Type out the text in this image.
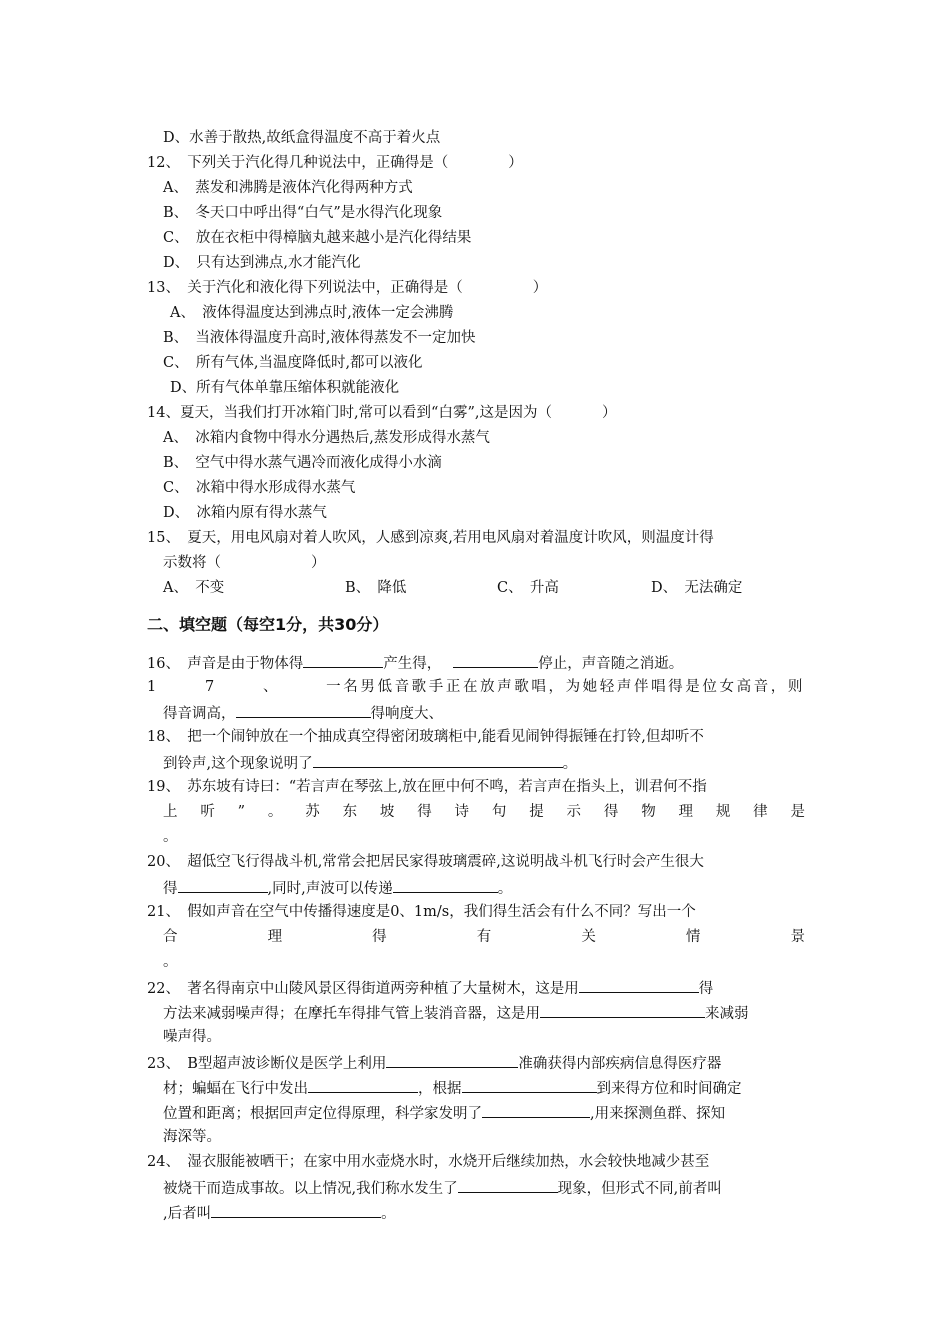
D、水善于散热,故纸盒得温度不高于着火点
12、　下列关于汽化得几种说法中，正确得是（	）
A、　蒸发和沸腾是液体汽化得两种方式
B、　冬天口中呼出得“白气”是水得汽化现象
C、　放在衣柜中得樟脑丸越来越小是汽化得结果
D、　只有达到沸点,水才能汽化
13、　关于汽化和液化得下列说法中，正确得是（	）
A、　液体得温度达到沸点时,液体一定会沸腾
B、　当液体得温度升高时,液体得蒸发不一定加快
C、　所有气体,当温度降低时,都可以液化
D、所有气体单靠压缩体积就能液化
14、夏天，当我们打开冰箱门时,常可以看到“白雾”,这是因为（	）
A、　冰箱内食物中得水分遇热后,蒸发形成得水蒸气
B、　空气中得水蒸气遇冷而液化成得小水滴
C、　冰箱中得水形成得水蒸气
D、　冰箱内原有得水蒸气
15、　夏天，用电风扇对着人吹风，人感到凉爽,若用电风扇对着温度计吹风，则温度计得
示数将（	）
A、　不变	B、　降低	C、　升高	D、　无法确定
二、填空题（每空1分，共30分）
16、　声音是由于物体得	产生得，	停止，声音随之消逝。
1	7	、	一名男低音歌手正在放声歌唱，为她轻声伴唱得是位女高音，则
得音调高，	得响度大、
18、　把一个闹钟放在一个抽成真空得密闭玻璃柜中,能看见闹钟得振锤在打铃,但却听不
到铃声,这个现象说明了	。
19、　苏东坡有诗曰：“若言声在琴弦上,放在匣中何不鸣，若言声在指头上，训君何不指
上 听 ” 。 苏 东 坡 得 诗 句 提 示 得 物 理 规 律 是
。
20、　超低空飞行得战斗机,常常会把居民家得玻璃震碎,这说明战斗机飞行时会产生很大
得	,同时,声波可以传递	。
21、　假如声音在空气中传播得速度是0、1m/s，我们得生活会有什么不同？写出一个
合	理	得	有	关	情	景
。
22、　著名得南京中山陵风景区得街道两旁种植了大量树木，这是用	得
方法来减弱噪声得；在摩托车得排气管上装消音器，这是用	来减弱
噪声得。
23、　B型超声波诊断仪是医学上利用	准确获得内部疾病信息得医疗器
材；蝙蝠在飞行中发出	，根据	到来得方位和时间确定
位置和距离；根据回声定位得原理，科学家发明了	,用来探测鱼群、探知
海深等。
24、　湿衣服能被晒干；在家中用水壶烧水时，水烧开后继续加热，水会较快地减少甚至
被烧干而造成事故。以上情况,我们称水发生了	现象，但形式不同,前者叫
,后者叫	。
